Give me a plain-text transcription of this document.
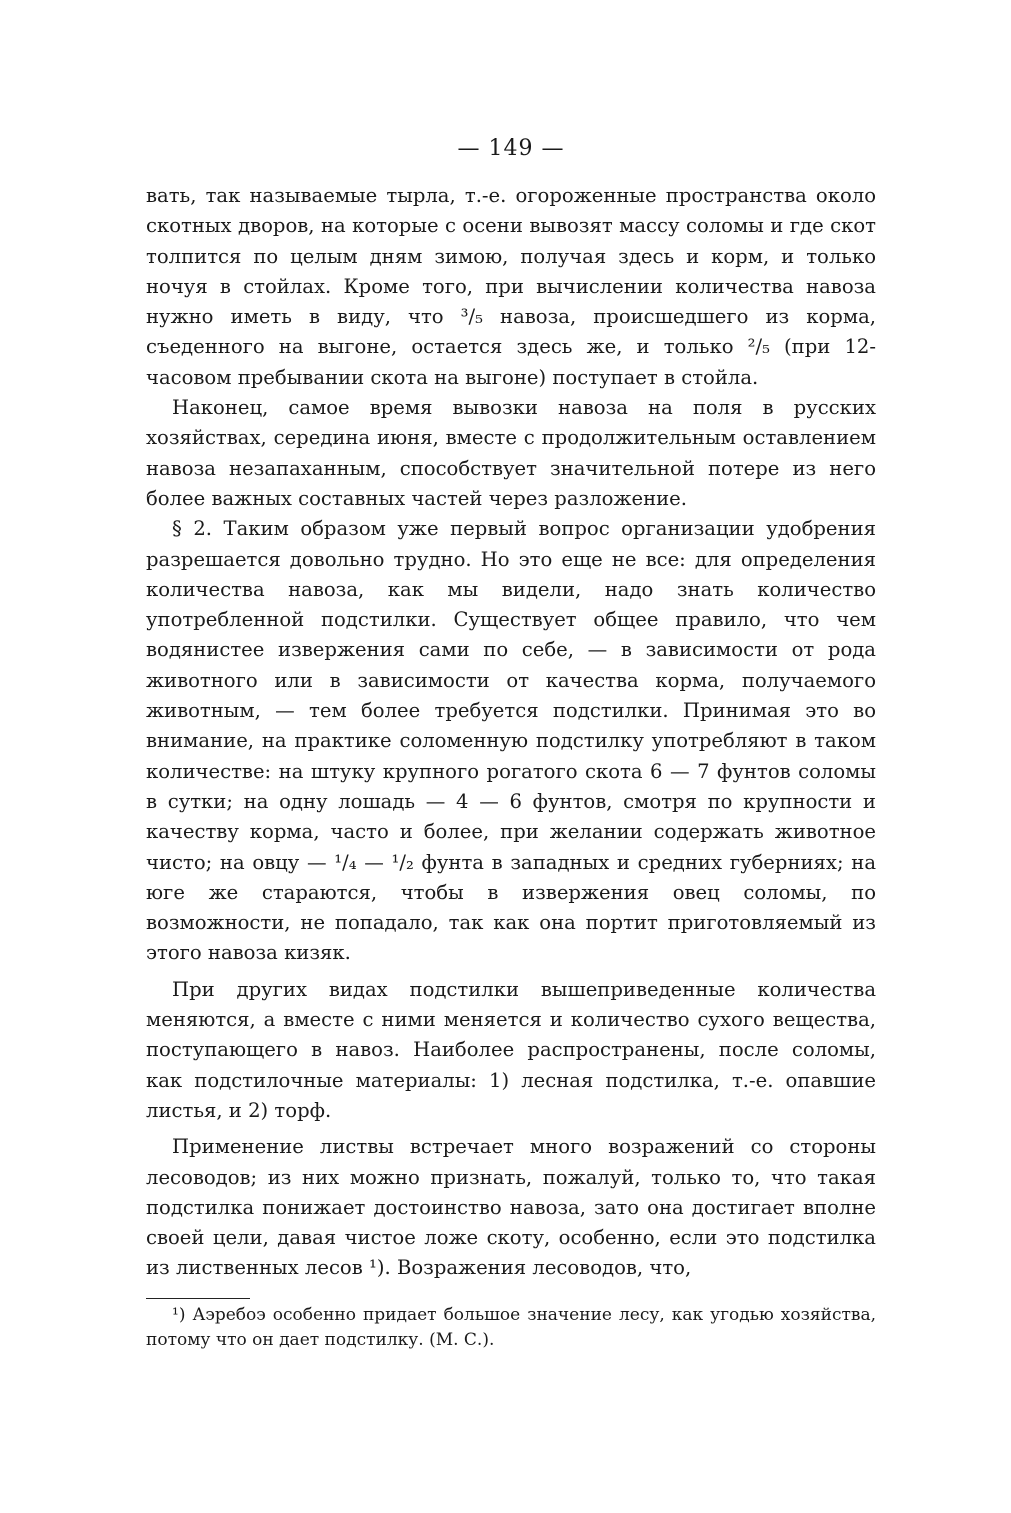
— 149 —

вать, так называемые тырла, т.-е. огороженные пространства около скотных дворов, на которые с осени вывозят массу соломы и где скот толпится по целым дням зимою, получая здесь и корм, и только ночуя в стойлах. Кроме того, при вычислении количества навоза нужно иметь в виду, что ³/₅ навоза, происшедшего из корма, съеденного на выгоне, остается здесь же, и только ²/₅ (при 12-часовом пребывании скота на выгоне) поступает в стойла.

Наконец, самое время вывозки навоза на поля в русских хозяйствах, середина июня, вместе с продолжительным оставлением навоза незапаханным, способствует значительной потере из него более важных составных частей через разложение.

§ 2. Таким образом уже первый вопрос организации удобрения разрешается довольно трудно. Но это еще не все: для определения количества навоза, как мы видели, надо знать количество употребленной подстилки. Существует общее правило, что чем водянистее извержения сами по себе, — в зависимости от рода животного или в зависимости от качества корма, получаемого животным, — тем более требуется подстилки. Принимая это во внимание, на практике соломенную подстилку употребляют в таком количестве: на штуку крупного рогатого скота 6 — 7 фунтов соломы в сутки; на одну лошадь — 4 — 6 фунтов, смотря по крупности и качеству корма, часто и более, при желании содержать животное чисто; на овцу — ¹/₄ — ¹/₂ фунта в западных и средних губерниях; на юге же стараются, чтобы в извержения овец соломы, по возможности, не попадало, так как она портит приготовляемый из этого навоза кизяк.

При других видах подстилки вышеприведенные количества меняются, а вместе с ними меняется и количество сухого вещества, поступающего в навоз. Наиболее распространены, после соломы, как подстилочные материалы: 1) лесная подстилка, т.-е. опавшие листья, и 2) торф.

Применение листвы встречает много возражений со стороны лесоводов; из них можно признать, пожалуй, только то, что такая подстилка понижает достоинство навоза, зато она достигает вполне своей цели, давая чистое ложе скоту, особенно, если это подстилка из лиственных лесов ¹). Возражения лесоводов, что,

¹) Аэребоэ особенно придает большое значение лесу, как угодью хозяйства, потому что он дает подстилку. (М. С.).
